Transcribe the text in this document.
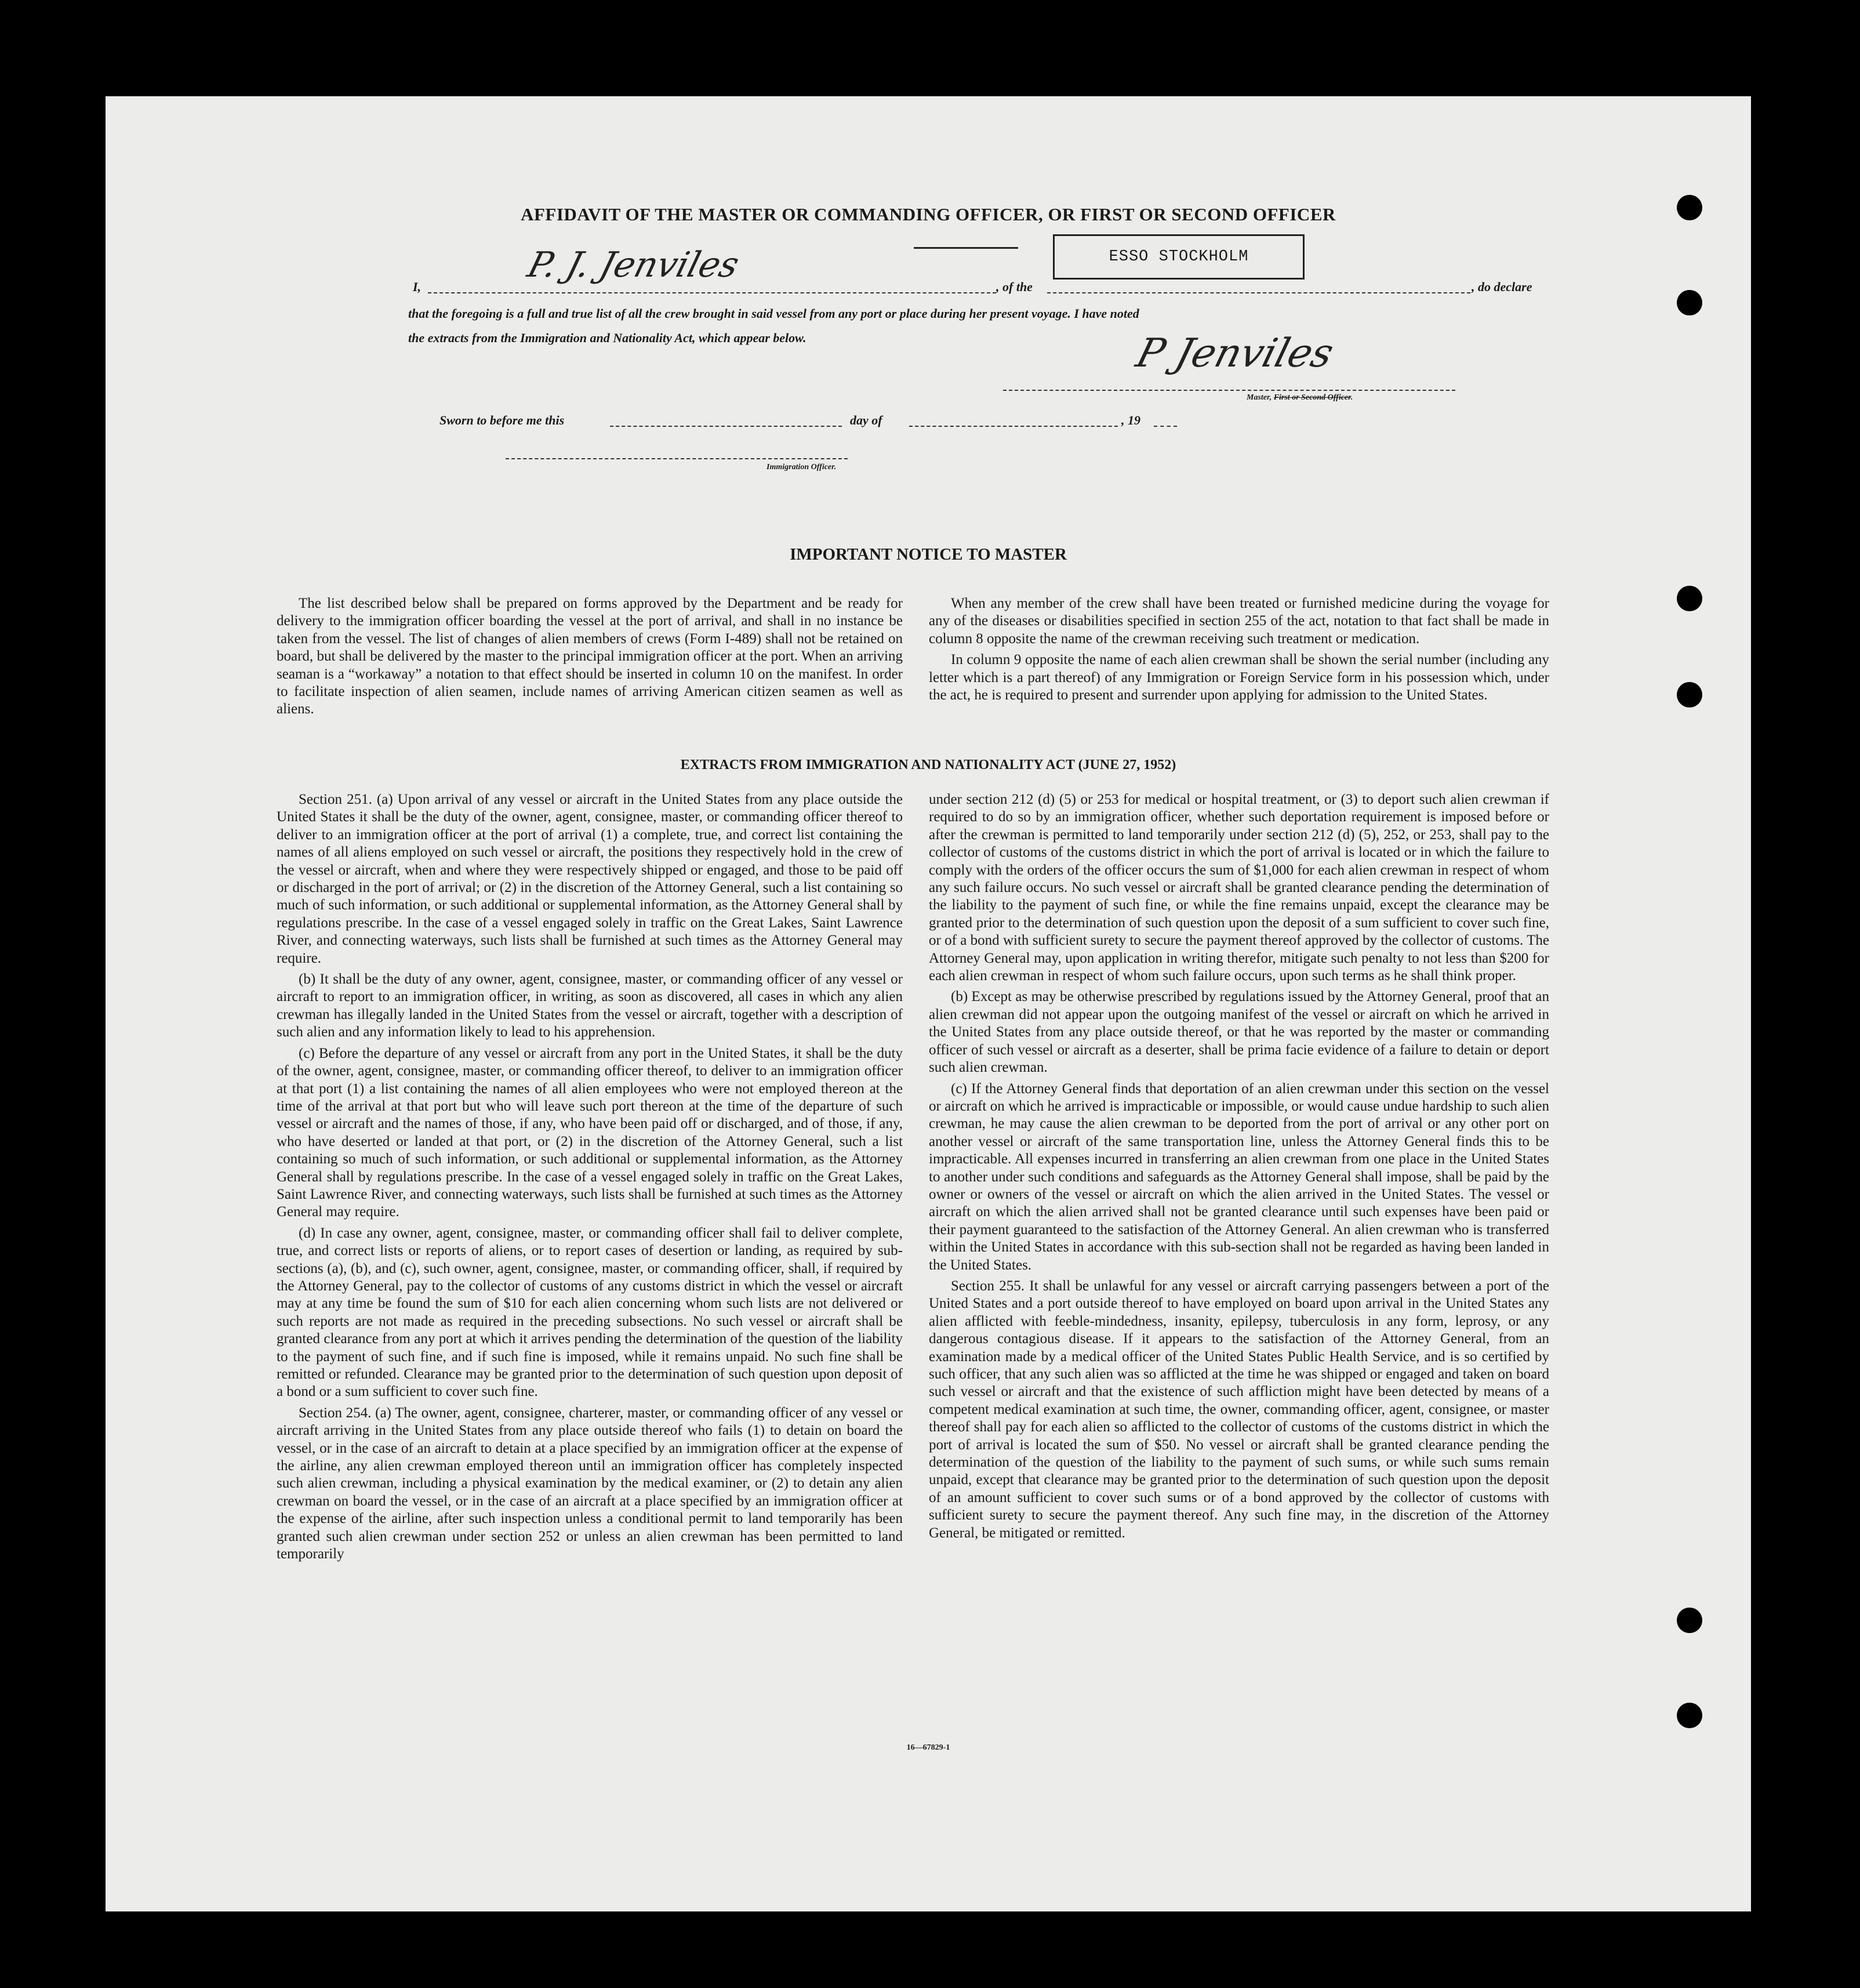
AFFIDAVIT OF THE MASTER OR COMMANDING OFFICER, OR FIRST OR SECOND OFFICER
I,
P. J. Jenviles
, of the
ESSO STOCKHOLM
, do declare
that the foregoing is a full and true list of all the crew brought in said vessel from any port or place during her present voyage. I have noted
the extracts from the Immigration and Nationality Act, which appear below.	P Jenviles
Master, First or Second Officer.
Sworn to before me this	day of	, 19
Immigration Officer.
IMPORTANT NOTICE TO MASTER

The list described below shall be prepared on forms approved by the Department and be ready for delivery to the immigration officer boarding the vessel at the port of arrival, and shall in no instance be taken from the vessel. The list of changes of alien members of crews (Form I-489) shall not be retained on board, but shall be delivered by the master to the principal immigration officer at the port. When an arriving seaman is a “workaway” a notation to that effect should be inserted in column 10 on the manifest. In order to facilitate inspection of alien seamen, include names of arriving American citizen seamen as well as aliens.

When any member of the crew shall have been treated or furnished medicine during the voyage for any of the diseases or disabilities specified in section 255 of the act, notation to that fact shall be made in column 8 opposite the name of the crewman receiving such treatment or medication.

In column 9 opposite the name of each alien crewman shall be shown the serial number (including any letter which is a part thereof) of any Immigration or Foreign Service form in his possession which, under the act, he is required to present and surrender upon applying for admission to the United States.

EXTRACTS FROM IMMIGRATION AND NATIONALITY ACT (JUNE 27, 1952)

Section 251. (a) Upon arrival of any vessel or aircraft in the United States from any place outside the United States it shall be the duty of the owner, agent, consignee, master, or commanding officer thereof to deliver to an immigration officer at the port of arrival (1) a complete, true, and correct list containing the names of all aliens employed on such vessel or aircraft, the positions they respectively hold in the crew of the vessel or aircraft, when and where they were respectively shipped or engaged, and those to be paid off or discharged in the port of arrival; or (2) in the discretion of the Attorney General, such a list containing so much of such information, or such additional or supplemental information, as the Attorney General shall by regulations prescribe. In the case of a vessel engaged solely in traffic on the Great Lakes, Saint Lawrence River, and connecting waterways, such lists shall be furnished at such times as the Attorney General may require.

(b) It shall be the duty of any owner, agent, consignee, master, or commanding officer of any vessel or aircraft to report to an immigration officer, in writing, as soon as discovered, all cases in which any alien crewman has illegally landed in the United States from the vessel or aircraft, together with a description of such alien and any information likely to lead to his apprehension.

(c) Before the departure of any vessel or aircraft from any port in the United States, it shall be the duty of the owner, agent, consignee, master, or commanding officer thereof, to deliver to an immigration officer at that port (1) a list containing the names of all alien employees who were not employed thereon at the time of the arrival at that port but who will leave such port thereon at the time of the departure of such vessel or aircraft and the names of those, if any, who have been paid off or discharged, and of those, if any, who have deserted or landed at that port, or (2) in the discretion of the Attorney General, such a list containing so much of such information, or such additional or supplemental information, as the Attorney General shall by regulations prescribe. In the case of a vessel engaged solely in traffic on the Great Lakes, Saint Lawrence River, and connecting waterways, such lists shall be furnished at such times as the Attorney General may require.

(d) In case any owner, agent, consignee, master, or commanding officer shall fail to deliver complete, true, and correct lists or reports of aliens, or to report cases of desertion or landing, as required by sub-sections (a), (b), and (c), such owner, agent, consignee, master, or commanding officer, shall, if required by the Attorney General, pay to the collector of customs of any customs district in which the vessel or aircraft may at any time be found the sum of $10 for each alien concerning whom such lists are not delivered or such reports are not made as required in the preceding subsections. No such vessel or aircraft shall be granted clearance from any port at which it arrives pending the determination of the question of the liability to the payment of such fine, and if such fine is imposed, while it remains unpaid. No such fine shall be remitted or refunded. Clearance may be granted prior to the determination of such question upon deposit of a bond or a sum sufficient to cover such fine.

Section 254. (a) The owner, agent, consignee, charterer, master, or commanding officer of any vessel or aircraft arriving in the United States from any place outside thereof who fails (1) to detain on board the vessel, or in the case of an aircraft to detain at a place specified by an immigration officer at the expense of the airline, any alien crewman employed thereon until an immigration officer has completely inspected such alien crewman, including a physical examination by the medical examiner, or (2) to detain any alien crewman on board the vessel, or in the case of an aircraft at a place specified by an immigration officer at the expense of the airline, after such inspection unless a conditional permit to land temporarily has been granted such alien crewman under section 252 or unless an alien crewman has been permitted to land temporarily

under section 212 (d) (5) or 253 for medical or hospital treatment, or (3) to deport such alien crewman if required to do so by an immigration officer, whether such deportation requirement is imposed before or after the crewman is permitted to land temporarily under section 212 (d) (5), 252, or 253, shall pay to the collector of customs of the customs district in which the port of arrival is located or in which the failure to comply with the orders of the officer occurs the sum of $1,000 for each alien crewman in respect of whom any such failure occurs. No such vessel or aircraft shall be granted clearance pending the determination of the liability to the payment of such fine, or while the fine remains unpaid, except the clearance may be granted prior to the determination of such question upon the deposit of a sum sufficient to cover such fine, or of a bond with sufficient surety to secure the payment thereof approved by the collector of customs. The Attorney General may, upon application in writing therefor, mitigate such penalty to not less than $200 for each alien crewman in respect of whom such failure occurs, upon such terms as he shall think proper.

(b) Except as may be otherwise prescribed by regulations issued by the Attorney General, proof that an alien crewman did not appear upon the outgoing manifest of the vessel or aircraft on which he arrived in the United States from any place outside thereof, or that he was reported by the master or commanding officer of such vessel or aircraft as a deserter, shall be prima facie evidence of a failure to detain or deport such alien crewman.

(c) If the Attorney General finds that deportation of an alien crewman under this section on the vessel or aircraft on which he arrived is impracticable or impossible, or would cause undue hardship to such alien crewman, he may cause the alien crewman to be deported from the port of arrival or any other port on another vessel or aircraft of the same transportation line, unless the Attorney General finds this to be impracticable. All expenses incurred in transferring an alien crewman from one place in the United States to another under such conditions and safeguards as the Attorney General shall impose, shall be paid by the owner or owners of the vessel or aircraft on which the alien arrived in the United States. The vessel or aircraft on which the alien arrived shall not be granted clearance until such expenses have been paid or their payment guaranteed to the satisfaction of the Attorney General. An alien crewman who is transferred within the United States in accordance with this sub-section shall not be regarded as having been landed in the United States.

Section 255. It shall be unlawful for any vessel or aircraft carrying passengers between a port of the United States and a port outside thereof to have employed on board upon arrival in the United States any alien afflicted with feeble-mindedness, insanity, epilepsy, tuberculosis in any form, leprosy, or any dangerous contagious disease. If it appears to the satisfaction of the Attorney General, from an examination made by a medical officer of the United States Public Health Service, and is so certified by such officer, that any such alien was so afflicted at the time he was shipped or engaged and taken on board such vessel or aircraft and that the existence of such affliction might have been detected by means of a competent medical examination at such time, the owner, commanding officer, agent, consignee, or master thereof shall pay for each alien so afflicted to the collector of customs of the customs district in which the port of arrival is located the sum of $50. No vessel or aircraft shall be granted clearance pending the determination of the question of the liability to the payment of such sums, or while such sums remain unpaid, except that clearance may be granted prior to the determination of such question upon the deposit of an amount sufficient to cover such sums or of a bond approved by the collector of customs with sufficient surety to secure the payment thereof. Any such fine may, in the discretion of the Attorney General, be mitigated or remitted.

16—67829-1
